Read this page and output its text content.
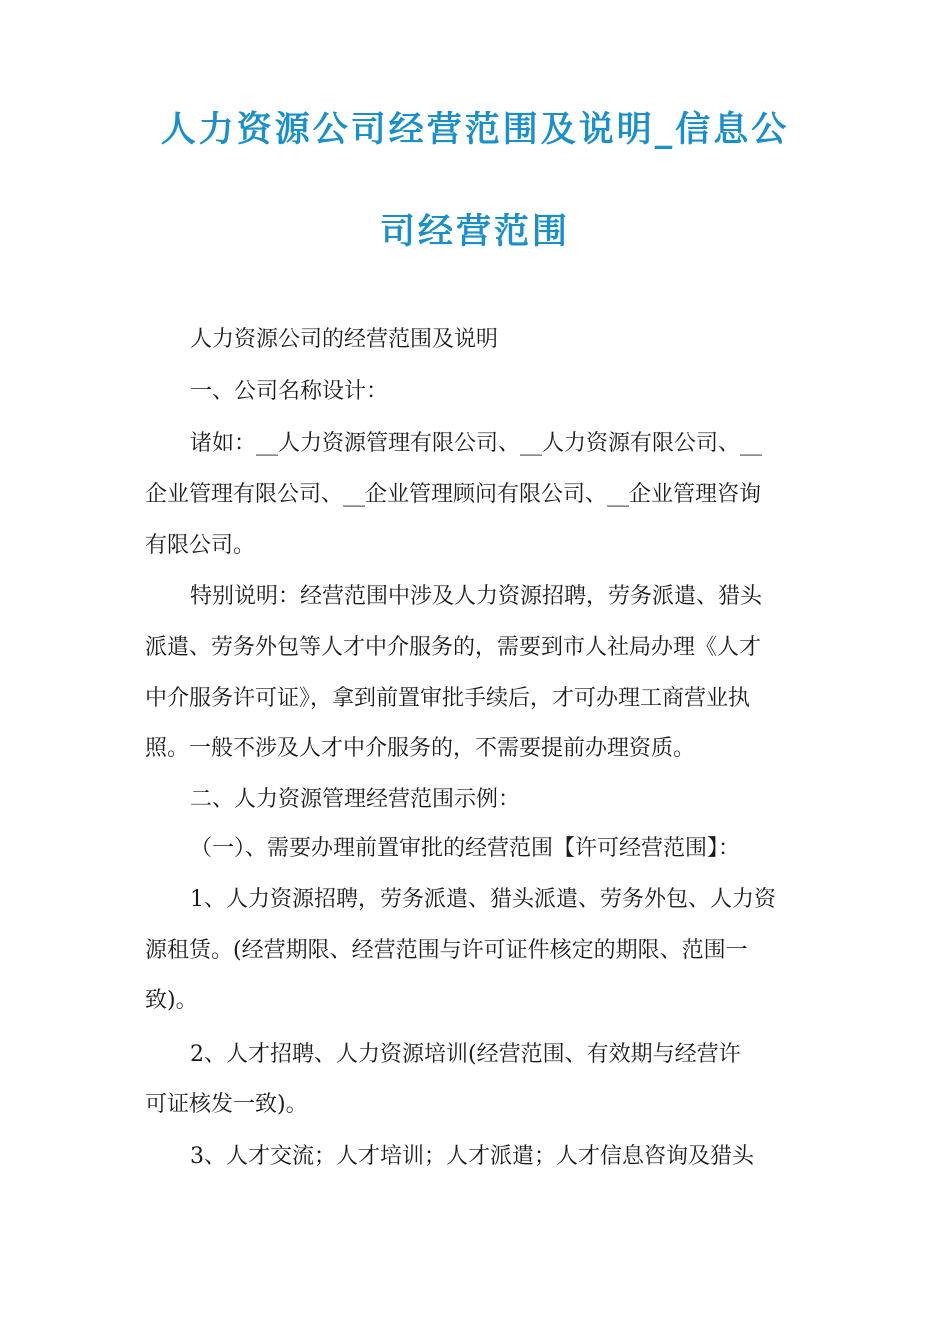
人力资源公司经营范围及说明_信息公
司经营范围
人力资源公司的经营范围及说明
一、公司名称设计：
诸如：__人力资源管理有限公司、__人力资源有限公司、__
企业管理有限公司、__企业管理顾问有限公司、__企业管理咨询
有限公司。
特别说明：经营范围中涉及人力资源招聘，劳务派遣、猎头
派遣、劳务外包等人才中介服务的，需要到市人社局办理《人才
中介服务许可证》，拿到前置审批手续后，才可办理工商营业执
照。一般不涉及人才中介服务的，不需要提前办理资质。
二、人力资源管理经营范围示例：
（一）、需要办理前置审批的经营范围【许可经营范围】：
1、人力资源招聘，劳务派遣、猎头派遣、劳务外包、人力资
源租赁。(经营期限、经营范围与许可证件核定的期限、范围一
致)。
2、人才招聘、人力资源培训(经营范围、有效期与经营许
可证核发一致)。
3、人才交流；人才培训；人才派遣；人才信息咨询及猎头
